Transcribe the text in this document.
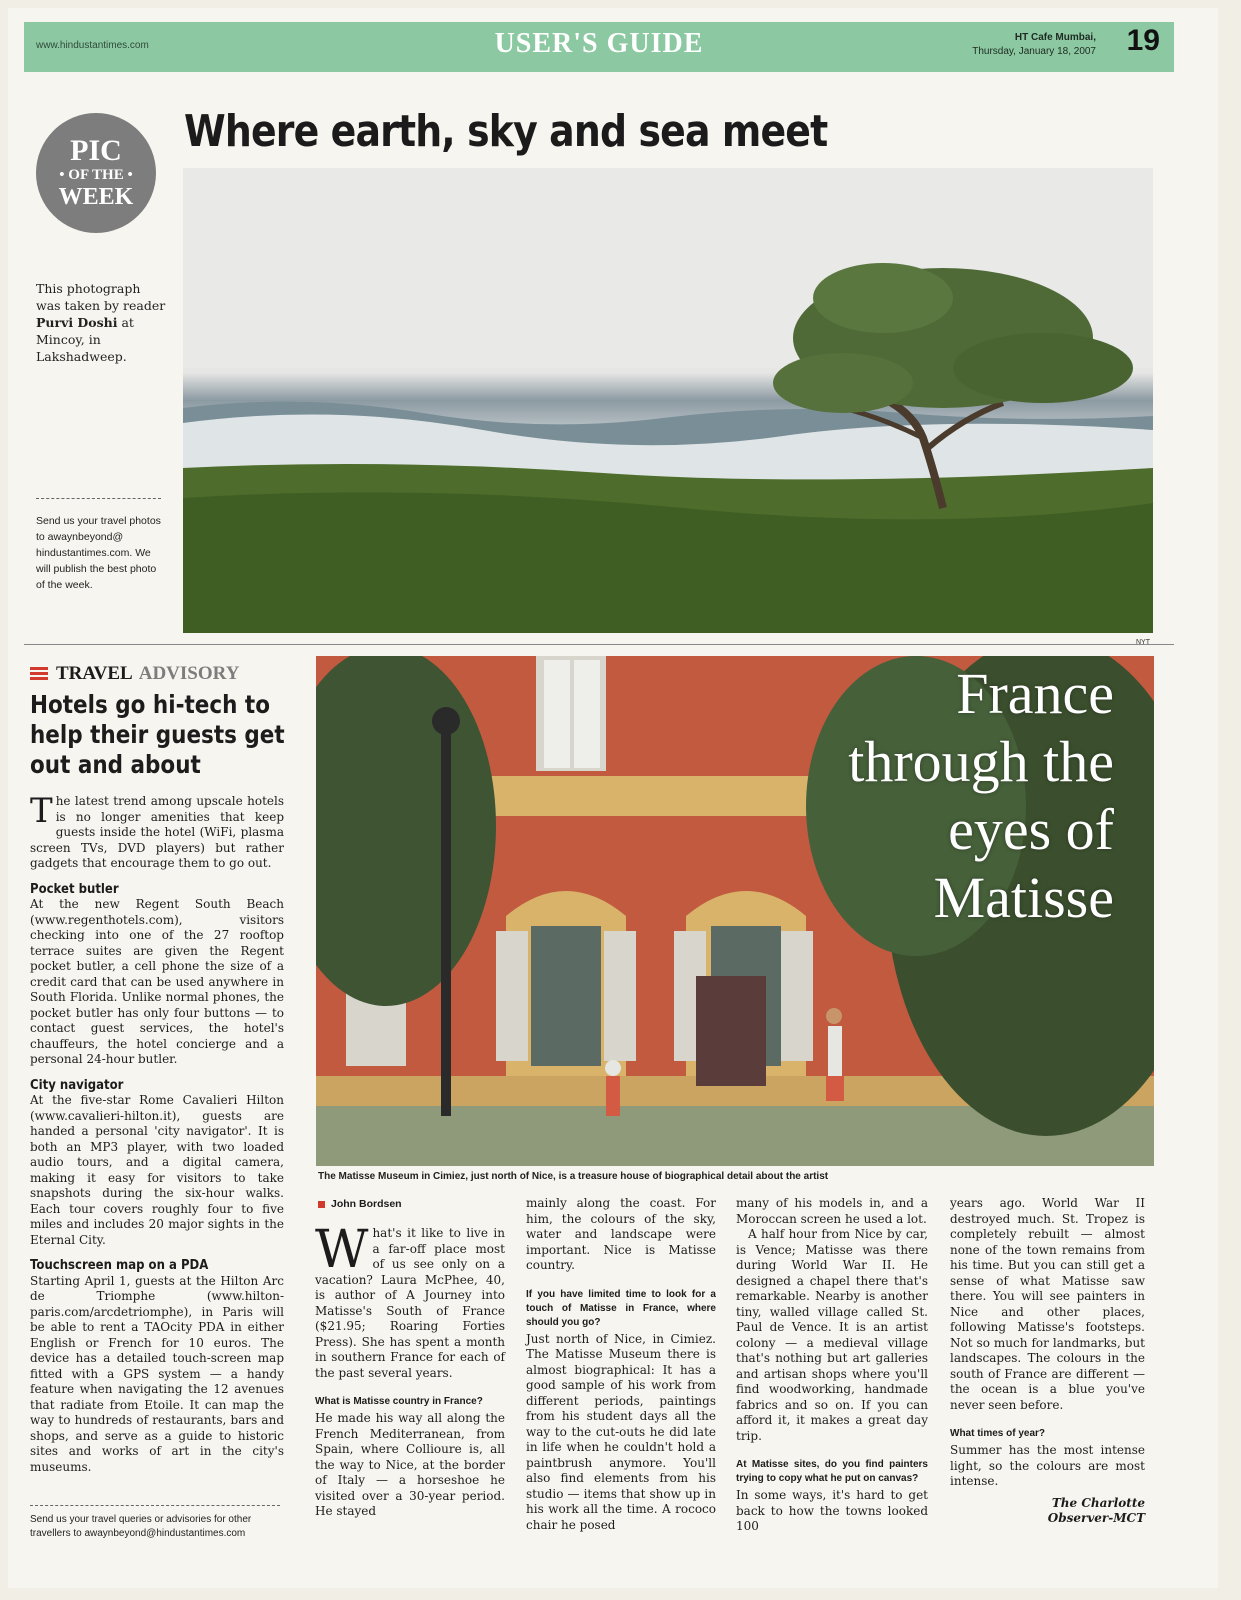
www.hindustantimes.com	USER'S GUIDE	HT Cafe Mumbai,
Thursday, January 18, 2007 19
PIC
• OF THE •
WEEK
Where earth, sky and sea meet
This photograph was taken by reader Purvi Doshi at Mincoy, in Lakshadweep.
Send us your travel photos to awaynbeyond@ hindustantimes.com. We will publish the best photo of the week.
TRAVEL ADVISORY
Hotels go hi-tech to help their guests get out and about

The latest trend among upscale hotels is no longer amenities that keep guests inside the hotel (WiFi, plasma screen TVs, DVD players) but rather gadgets that encourage them to go out.

Pocket butler

At the new Regent South Beach (www.regenthotels.com), visitors checking into one of the 27 rooftop terrace suites are given the Regent pocket butler, a cell phone the size of a credit card that can be used anywhere in South Florida. Unlike normal phones, the pocket butler has only four buttons — to contact guest services, the hotel's chauffeurs, the hotel concierge and a personal 24-hour butler.

City navigator

At the five-star Rome Cavalieri Hilton (www.cavalieri-hilton.it), guests are handed a personal 'city navigator'. It is both an MP3 player, with two loaded audio tours, and a digital camera, making it easy for visitors to take snapshots during the six-hour walks. Each tour covers roughly four to five miles and includes 20 major sights in the Eternal City.

Touchscreen map on a PDA

Starting April 1, guests at the Hilton Arc de Triomphe (www.hilton-paris.com/arcdetriomphe), in Paris will be able to rent a TAOcity PDA in either English or French for 10 euros. The device has a detailed touch-screen map fitted with a GPS system — a handy feature when navigating the 12 avenues that radiate from Etoile. It can map the way to hundreds of restaurants, bars and shops, and serve as a guide to historic sites and works of art in the city's museums.

Send us your travel queries or advisories for other travellers to awaynbeyond@hindustantimes.com
NYT
France
through the
eyes of
Matisse
The Matisse Museum in Cimiez, just north of Nice, is a treasure house of biographical detail about the artist
John Bordsen

What's it like to live in a far-off place most of us see only on a vacation? Laura McPhee, 40, is author of A Journey into Matisse's South of France ($21.95; Roaring Forties Press). She has spent a month in southern France for each of the past several years.

What is Matisse country in France?

He made his way all along the French Mediterranean, from Spain, where Collioure is, all the way to Nice, at the border of Italy — a horseshoe he visited over a 30-year period. He stayed

mainly along the coast. For him, the colours of the sky, water and landscape were important. Nice is Matisse country.

If you have limited time to look for a touch of Matisse in France, where should you go?

Just north of Nice, in Cimiez. The Matisse Museum there is almost biographical: It has a good sample of his work from different periods, paintings from his student days all the way to the cut-outs he did late in life when he couldn't hold a paintbrush anymore. You'll also find elements from his studio — items that show up in his work all the time. A rococo chair he posed

many of his models in, and a Moroccan screen he used a lot.

A half hour from Nice by car, is Vence; Matisse was there during World War II. He designed a chapel there that's remarkable. Nearby is another tiny, walled village called St. Paul de Vence. It is an artist colony — a medieval village that's nothing but art galleries and artisan shops where you'll find woodworking, handmade fabrics and so on. If you can afford it, it makes a great day trip.

At Matisse sites, do you find painters trying to copy what he put on canvas?

In some ways, it's hard to get back to how the towns looked 100

years ago. World War II destroyed much. St. Tropez is completely rebuilt — almost none of the town remains from his time. But you can still get a sense of what Matisse saw there. You will see painters in Nice and other places, following Matisse's footsteps. Not so much for landmarks, but landscapes. The colours in the south of France are different — the ocean is a blue you've never seen before.

What times of year?

Summer has the most intense light, so the colours are most intense.

The Charlotte
Observer-MCT
